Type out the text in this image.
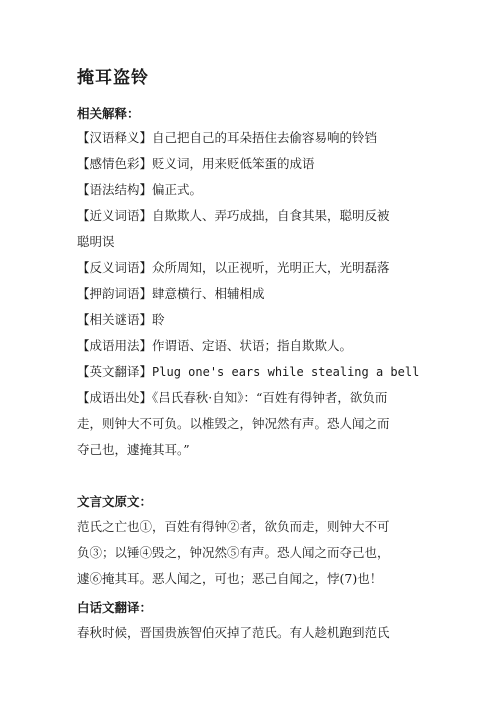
掩耳盗铃
相关解释：
【汉语释义】自己把自己的耳朵捂住去偷容易响的铃铛
【感情色彩】贬义词，用来贬低笨蛋的成语
【语法结构】偏正式。
【近义词语】自欺欺人、弄巧成拙，自食其果，聪明反被
聪明误
【反义词语】众所周知，以正视听，光明正大，光明磊落
【押韵词语】肆意横行、相辅相成
【相关谜语】聆
【成语用法】作谓语、定语、状语；指自欺欺人。
【英文翻译】Plug one's ears while stealing a bell
【成语出处】《吕氏春秋·自知》：“百姓有得钟者，欲负而
走，则钟大不可负。以椎毁之，钟况然有声。恐人闻之而
夺己也，遽掩其耳。”
文言文原文：
范氏之亡也①，百姓有得钟②者，欲负而走，则钟大不可
负③；以锤④毁之，钟况然⑤有声。恐人闻之而夺己也，
遽⑥掩其耳。恶人闻之，可也；恶己自闻之，悖(7)也！
白话文翻译：
春秋时候，晋国贵族智伯灭掉了范氏。有人趁机跑到范氏
